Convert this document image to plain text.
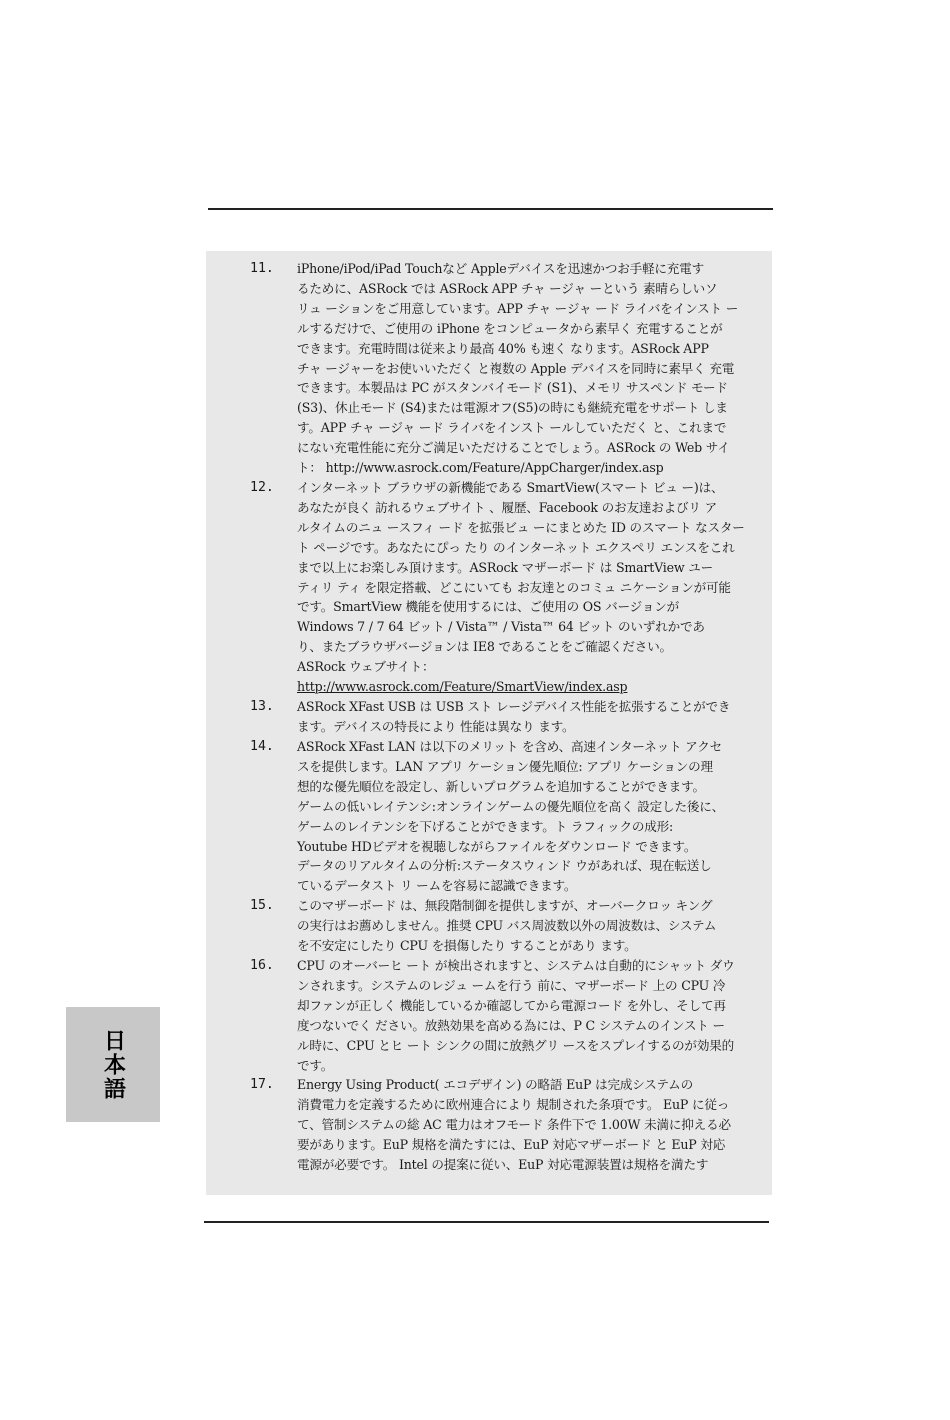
11. iPhone/iPod/iPad Touchなど Appleデバイスを迅速かつお手軽に充電す
るために、ASRock では ASRock APP チャ ージャ ーという 素晴らしいソ
リュ ーションをご用意しています。APP チャ ージャ ード ライバをインスト ー
ルするだけで、ご使用の iPhone をコンピュータから素早く 充電することが
できます。充電時間は従来より最高 40% も速く なります。ASRock APP
チャ ージャーをお使いいただく と複数の Apple デバイスを同時に素早く 充電
できます。本製品は PC がスタンバイモード (S1)、メモリ サスペンド モード
(S3)、休止モード (S4)または電源オフ(S5)の時にも継続充電をサポート しま
す。APP チャ ージャ ード ライバをインスト ールしていただく と、これまで
にない充電性能に充分ご満足いただけることでしょう。ASRock の Web サイ
ト： http://www.asrock.com/Feature/AppCharger/index.asp
12. インターネット ブラウザの新機能である SmartView(スマート ビュ ー)は、
あなたが良く 訪れるウェブサイト 、履歴、Facebook のお友達およびリ ア
ルタイムのニュ ースフィ ード を拡張ビュ ーにまとめた ID のスマート なスター
ト ページです。あなたにぴっ たり のインターネット エクスペリ エンスをこれ
まで以上にお楽しみ頂けます。ASRock マザーボード は SmartView ユー
ティリ ティ を限定搭載、どこにいても お友達とのコミュ ニケーションが可能
です。SmartView 機能を使用するには、ご使用の OS バージョンが
Windows 7 / 7 64 ビット / Vista™ / Vista™ 64 ビット のいずれかであ
り、またブラウザバージョンは IE8 であることをご確認ください。
ASRock ウェブサイト：
http://www.asrock.com/Feature/SmartView/index.asp
13. ASRock XFast USB は USB スト レージデバイス性能を拡張することができ
ます。デバイスの特長により 性能は異なり ます。
14. ASRock XFast LAN は以下のメリット を含め、高速インターネット アクセ
スを提供します。LAN アプリ ケーション優先順位: アプリ ケーションの理
想的な優先順位を設定し、新しいプログラムを追加することができます。
ゲームの低いレイテンシ:オンラインゲームの優先順位を高く 設定した後に、
ゲームのレイテンシを下げることができます。ト ラフィックの成形:
Youtube HDビデオを視聴しながらファイルをダウンロード できます。
データのリアルタイムの分析:ステータスウィンド ウがあれば、現在転送し
ているデータスト リ ームを容易に認識できます。
15. このマザーボード は、無段階制御を提供しますが、オーバークロッ キング
の実行はお薦めしません。推奨 CPU バス周波数以外の周波数は、システム
を不安定にしたり CPU を損傷したり することがあり ます。
16. CPU のオーバーヒ ート が検出されますと、システムは自動的にシャット ダウ
ンされます。システムのレジュ ームを行う 前に、マザーボード 上の CPU 冷
却ファンが正しく 機能しているか確認してから電源コード を外し、そして再
度つないでく ださい。放熱効果を高める為には、P C システムのインスト ー
ル時に、CPU とヒ ート シンクの間に放熱グリ ースをスプレイするのが効果的
です。
17. Energy Using Product( エコデザイン) の略語 EuP は完成システムの
消費電力を定義するために欧州連合により 規制された条項です。 EuP に従っ
て、管制システムの総 AC 電力はオフモード 条件下で 1.00W 未満に抑える必
要があります。EuP 規格を満たすには、EuP 対応マザーボード と EuP 対応
電源が必要です。 Intel の提案に従い、EuP 対応電源装置は規格を満たす
日本語
